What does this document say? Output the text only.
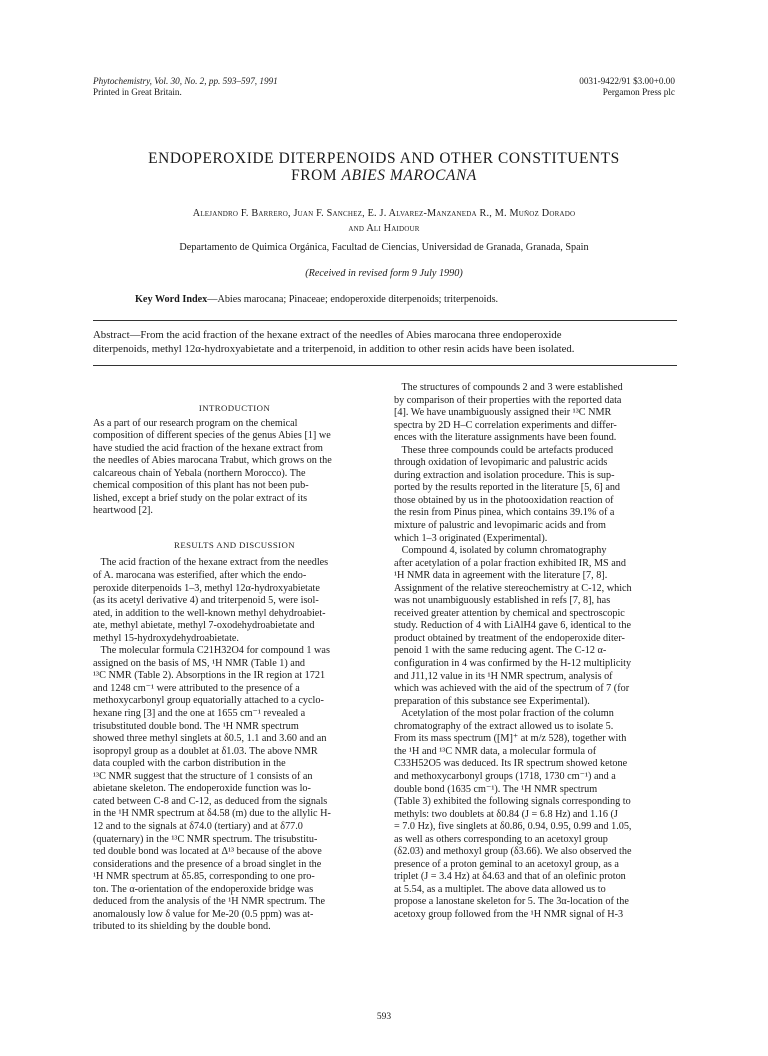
Phytochemistry, Vol. 30, No. 2, pp. 593–597, 1991
Printed in Great Britain.
0031-9422/91 $3.00+0.00
Pergamon Press plc
ENDOPEROXIDE DITERPENOIDS AND OTHER CONSTITUENTS
FROM ABIES MAROCANA
Alejandro F. Barrero, Juan F. Sanchez, E. J. Alvarez-Manzaneda R., M. Muñoz Dorado
and Ali Haidour
Departamento de Quimica Orgánica, Facultad de Ciencias, Universidad de Granada, Granada, Spain
(Received in revised form 9 July 1990)
Key Word Index—Abies marocana; Pinaceae; endoperoxide diterpenoids; triterpenoids.
Abstract—From the acid fraction of the hexane extract of the needles of Abies marocana three endoperoxide
diterpenoids, methyl 12α-hydroxyabietate and a triterpenoid, in addition to other resin acids have been isolated.

INTRODUCTION

As a part of our research program on the chemical
composition of different species of the genus Abies [1] we
have studied the acid fraction of the hexane extract from
the needles of Abies marocana Trabut, which grows on the
calcareous chain of Yebala (northern Morocco). The
chemical composition of this plant has not been pub-
lished, except a brief study on the polar extract of its
heartwood [2].

RESULTS AND DISCUSSION

The acid fraction of the hexane extract from the needles
of A. marocana was esterified, after which the endo-
peroxide diterpenoids 1–3, methyl 12α-hydroxyabietate
(as its acetyl derivative 4) and triterpenoid 5, were isol-
ated, in addition to the well-known methyl dehydroabiet-
ate, methyl abietate, methyl 7-oxodehydroabietate and
methyl 15-hydroxydehydroabietate.
The molecular formula C21H32O4 for compound 1 was
assigned on the basis of MS, ¹H NMR (Table 1) and
¹³C NMR (Table 2). Absorptions in the IR region at 1721
and 1248 cm⁻¹ were attributed to the presence of a
methoxycarbonyl group equatorially attached to a cyclo-
hexane ring [3] and the one at 1655 cm⁻¹ revealed a
trisubstituted double bond. The ¹H NMR spectrum
showed three methyl singlets at δ0.5, 1.1 and 3.60 and an
isopropyl group as a doublet at δ1.03. The above NMR
data coupled with the carbon distribution in the
¹³C NMR suggest that the structure of 1 consists of an
abietane skeleton. The endoperoxide function was lo-
cated between C-8 and C-12, as deduced from the signals
in the ¹H NMR spectrum at δ4.58 (m) due to the allylic H-
12 and to the signals at δ74.0 (tertiary) and at δ77.0
(quaternary) in the ¹³C NMR spectrum. The trisubstitu-
ted double bond was located at Δ¹³ because of the above
considerations and the presence of a broad singlet in the
¹H NMR spectrum at δ5.85, corresponding to one pro-
ton. The α-orientation of the endoperoxide bridge was
deduced from the analysis of the ¹H NMR spectrum. The
anomalously low δ value for Me-20 (0.5 ppm) was at-
tributed to its shielding by the double bond.
The structures of compounds 2 and 3 were established
by comparison of their properties with the reported data
[4]. We have unambiguously assigned their ¹³C NMR
spectra by 2D H–C correlation experiments and differ-
ences with the literature assignments have been found.
These three compounds could be artefacts produced
through oxidation of levopimaric and palustric acids
during extraction and isolation procedure. This is sup-
ported by the results reported in the literature [5, 6] and
those obtained by us in the photooxidation reaction of
the resin from Pinus pinea, which contains 39.1% of a
mixture of palustric and levopimaric acids and from
which 1–3 originated (Experimental).
Compound 4, isolated by column chromatography
after acetylation of a polar fraction exhibited IR, MS and
¹H NMR data in agreement with the literature [7, 8].
Assignment of the relative stereochemistry at C-12, which
was not unambiguously established in refs [7, 8], has
received greater attention by chemical and spectroscopic
study. Reduction of 4 with LiAlH4 gave 6, identical to the
product obtained by treatment of the endoperoxide diter-
penoid 1 with the same reducing agent. The C-12 α-
configuration in 4 was confirmed by the H-12 multiplicity
and J11,12 value in its ¹H NMR spectrum, analysis of
which was achieved with the aid of the spectrum of 7 (for
preparation of this substance see Experimental).
Acetylation of the most polar fraction of the column
chromatography of the extract allowed us to isolate 5.
From its mass spectrum ([M]⁺ at m/z 528), together with
the ¹H and ¹³C NMR data, a molecular formula of
C33H52O5 was deduced. Its IR spectrum showed ketone
and methoxycarbonyl groups (1718, 1730 cm⁻¹) and a
double bond (1635 cm⁻¹). The ¹H NMR spectrum
(Table 3) exhibited the following signals corresponding to
methyls: two doublets at δ0.84 (J = 6.8 Hz) and 1.16 (J
= 7.0 Hz), five singlets at δ0.86, 0.94, 0.95, 0.99 and 1.05,
as well as others corresponding to an acetoxyl group
(δ2.03) and methoxyl group (δ3.66). We also observed the
presence of a proton geminal to an acetoxyl group, as a
triplet (J = 3.4 Hz) at δ4.63 and that of an olefinic proton
at 5.54, as a multiplet. The above data allowed us to
propose a lanostane skeleton for 5. The 3α-location of the
acetoxy group followed from the ¹H NMR signal of H-3
593
